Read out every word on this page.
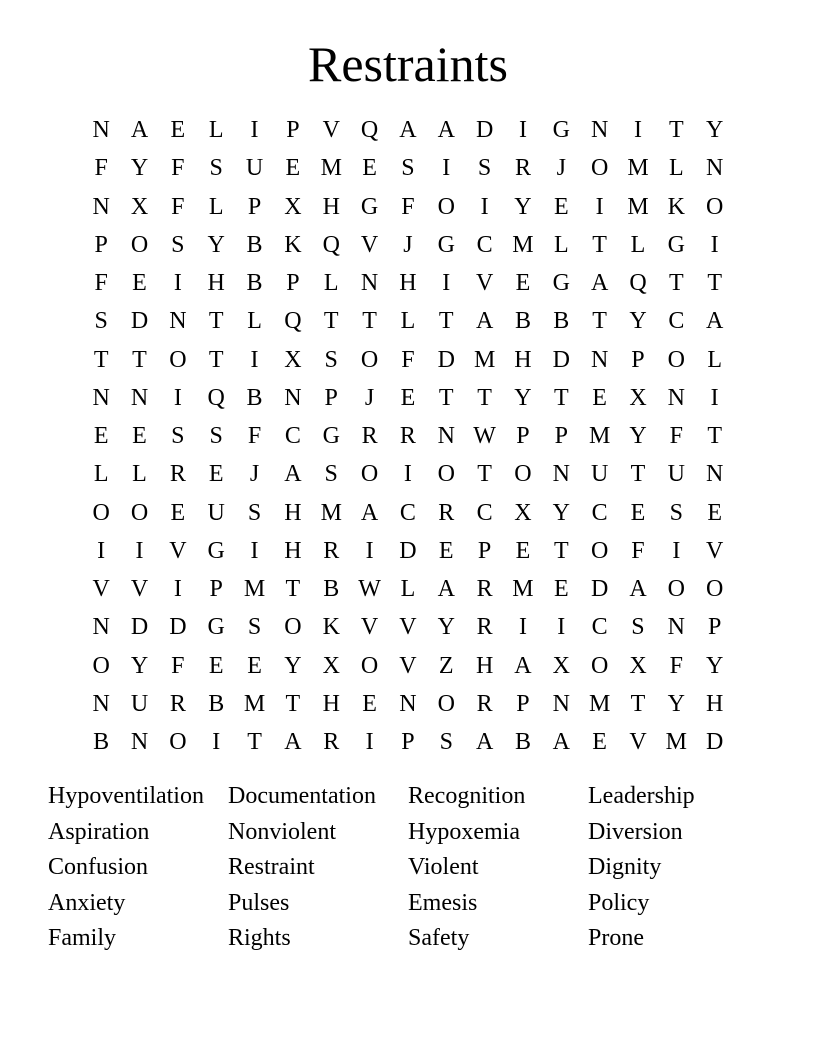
Restraints
N A E L	I	P V Q A A D	I	G N	I	T Y
F Y F	S U E M E	S	I	S R	J	O M L N
N X F	L	P X H G F O	I	Y E	I M K O
P O S Y B K Q V	J	G C M L T L G	I
F	E	I	H B P	L N H	I	V E G A Q T T
S D N T L Q T T L T A B B T Y C A
T T O T	I	X S O F D M H D N P O L
N N	I	Q B N P	J	E T T Y T E X N	I
E E	S	S	F C G R R N W P	P M Y F	T
L L R E	J	A S O	I	O T O N U T U N
O O E U S H M A C R C X Y C E	S	E
I	I	V G	I	H R	I	D E	P	E T O F	I	V
V V	I	P M T B W L A R M E D A O O
N D D G S O K V V Y R	I	I	C S N P
O Y F	E E Y X O V Z H A X O X F Y
N U R B M T H E N O R P N M T Y H
B N O	I	T A R	I	P	S A B A E V M D
Hypoventilation	Documentation	Recognition	Leadership
Aspiration	Nonviolent	Hypoxemia	Diversion
Confusion	Restraint	Violent	Dignity
Anxiety	Pulses	Emesis	Policy
Family	Rights	Safety	Prone
